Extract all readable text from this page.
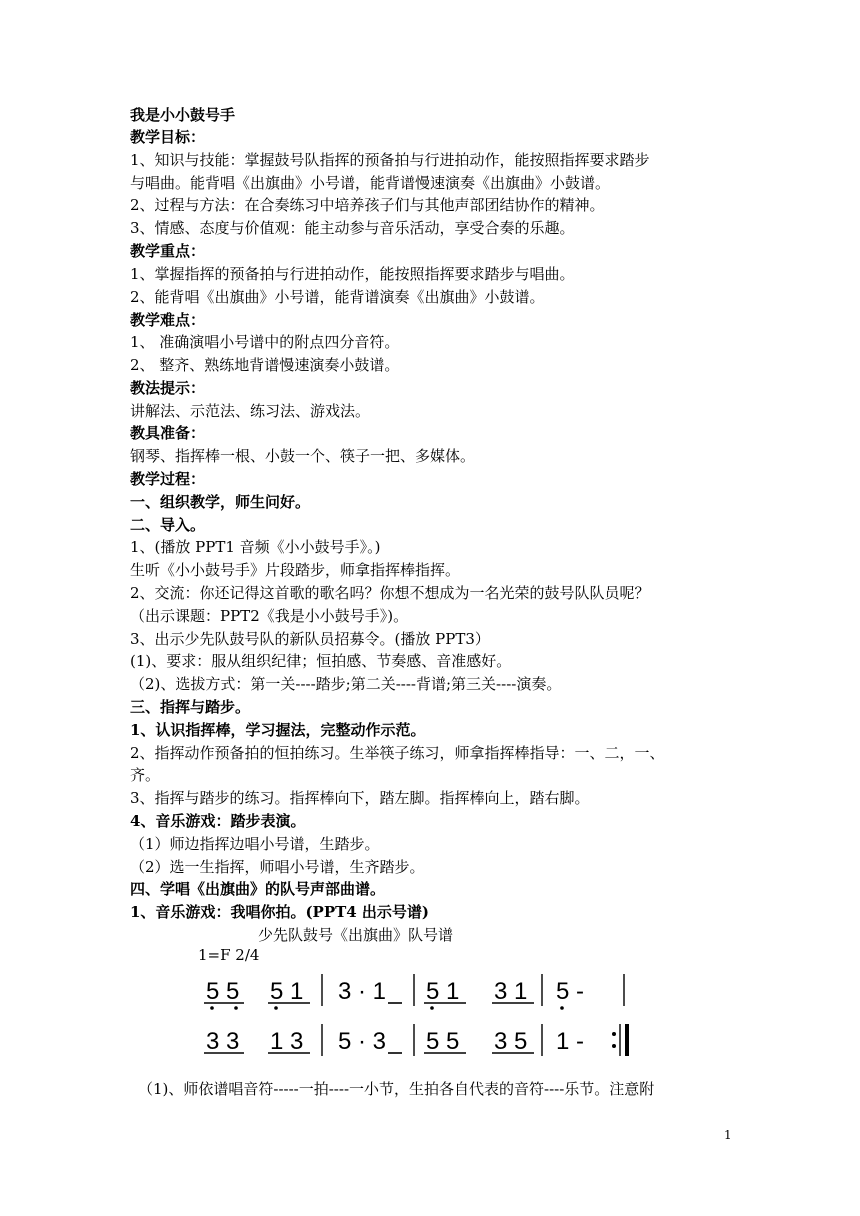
我是小小鼓号手
教学目标：
1、知识与技能：掌握鼓号队指挥的预备拍与行进拍动作，能按照指挥要求踏步
与唱曲。能背唱《出旗曲》小号谱，能背谱慢速演奏《出旗曲》小鼓谱。
2、过程与方法：在合奏练习中培养孩子们与其他声部团结协作的精神。
3、情感、态度与价值观：能主动参与音乐活动，享受合奏的乐趣。
教学重点：
1、掌握指挥的预备拍与行进拍动作，能按照指挥要求踏步与唱曲。
2、能背唱《出旗曲》小号谱，能背谱演奏《出旗曲》小鼓谱。
教学难点：
1、 准确演唱小号谱中的附点四分音符。
2、 整齐、熟练地背谱慢速演奏小鼓谱。
教法提示：
讲解法、示范法、练习法、游戏法。
教具准备：
钢琴、指挥棒一根、小鼓一个、筷子一把、多媒体。
教学过程：
一、组织教学，师生问好。
二、导入。
1、(播放 PPT1 音频《小小鼓号手》。)
生听《小小鼓号手》片段踏步，师拿指挥棒指挥。
2、交流：你还记得这首歌的歌名吗？你想不想成为一名光荣的鼓号队队员呢？
（出示课题：PPT2《我是小小鼓号手》)。
3、出示少先队鼓号队的新队员招募令。(播放 PPT3）
(1)、要求：服从组织纪律；恒拍感、节奏感、音准感好。
（2)、选拔方式：第一关----踏步;第二关----背谱;第三关----演奏。
三、指挥与踏步。
1、认识指挥棒，学习握法，完整动作示范。
2、指挥动作预备拍的恒拍练习。生举筷子练习，师拿指挥棒指导：一、二，一、
齐。
3、指挥与踏步的练习。指挥棒向下，踏左脚。指挥棒向上，踏右脚。
4、音乐游戏：踏步表演。
（1）师边指挥边唱小号谱，生踏步。
（2）选一生指挥，师唱小号谱，生齐踏步。
四、学唱《出旗曲》的队号声部曲谱。
1、音乐游戏：我唱你拍。(PPT4 出示号谱)
少先队鼓号《出旗曲》队号谱
1=F 2/4
5 5 5 1 3 · 1 5 1 3 1 5 -
3 3 1 3 5 · 3 5 5 3 5 1 -
（1)、师依谱唱音符-----一拍----一小节，生拍各自代表的音符----乐节。注意附
1
